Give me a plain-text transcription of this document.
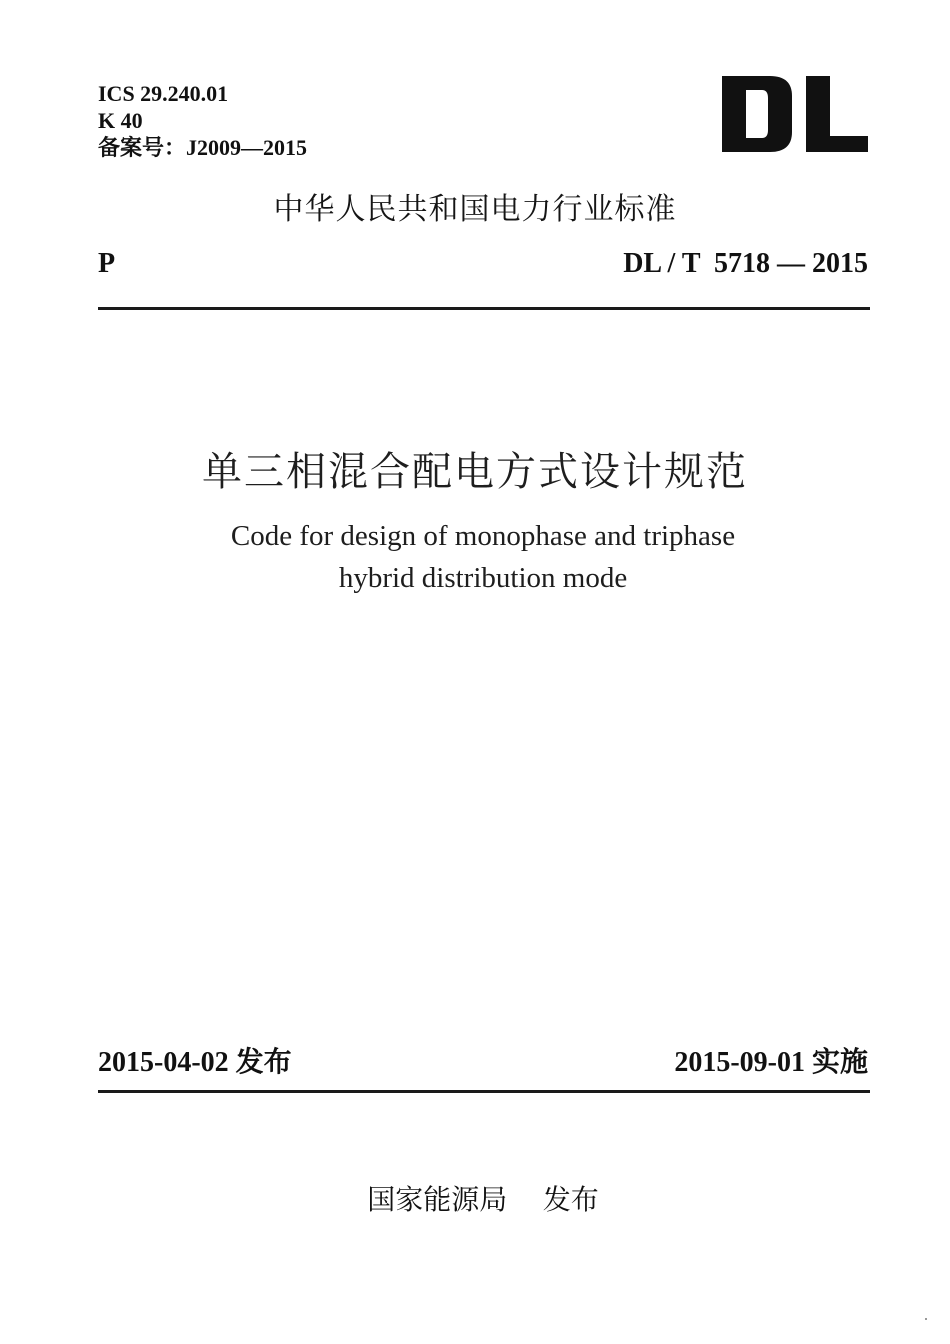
ICS 29.240.01
K 40
备案号：J2009—2015
中华人民共和国电力行业标准
P	DL / T  5718 — 2015
单三相混合配电方式设计规范
Code for design of monophase and triphase
hybrid distribution mode
2015-04-02 发布	2015-09-01 实施
国家能源局    发布
